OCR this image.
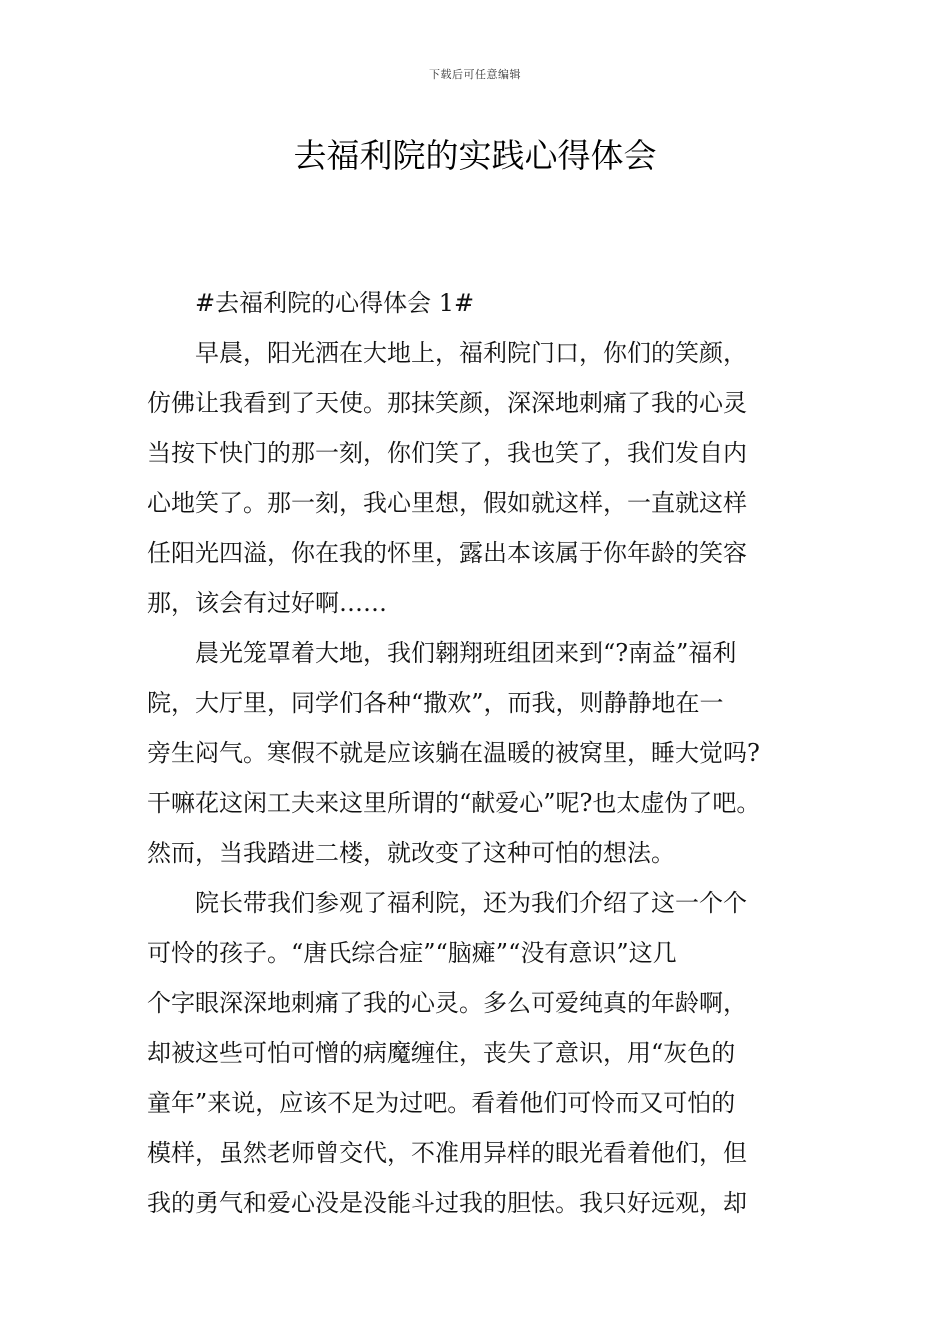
下载后可任意编辑
去福利院的实践心得体会
#去福利院的心得体会 1#
早晨，阳光洒在大地上，福利院门口，你们的笑颜，
仿佛让我看到了天使。那抹笑颜，深深地刺痛了我的心灵
当按下快门的那一刻，你们笑了，我也笑了，我们发自内
心地笑了。那一刻，我心里想，假如就这样，一直就这样
任阳光四溢，你在我的怀里，露出本该属于你年龄的笑容
那，该会有过好啊……
晨光笼罩着大地，我们翱翔班组团来到“?南益”福利
院，大厅里，同学们各种“撒欢”，而我，则静静地在一
旁生闷气。寒假不就是应该躺在温暖的被窝里，睡大觉吗?
干嘛花这闲工夫来这里所谓的“献爱心”呢?也太虚伪了吧。
然而，当我踏进二楼，就改变了这种可怕的想法。
院长带我们参观了福利院，还为我们介绍了这一个个
可怜的孩子。“唐氏综合症”“脑瘫”“没有意识”这几
个字眼深深地刺痛了我的心灵。多么可爱纯真的年龄啊，
却被这些可怕可憎的病魔缠住，丧失了意识，用“灰色的
童年”来说，应该不足为过吧。看着他们可怜而又可怕的
模样，虽然老师曾交代，不准用异样的眼光看着他们，但
我的勇气和爱心没是没能斗过我的胆怯。我只好远观，却
